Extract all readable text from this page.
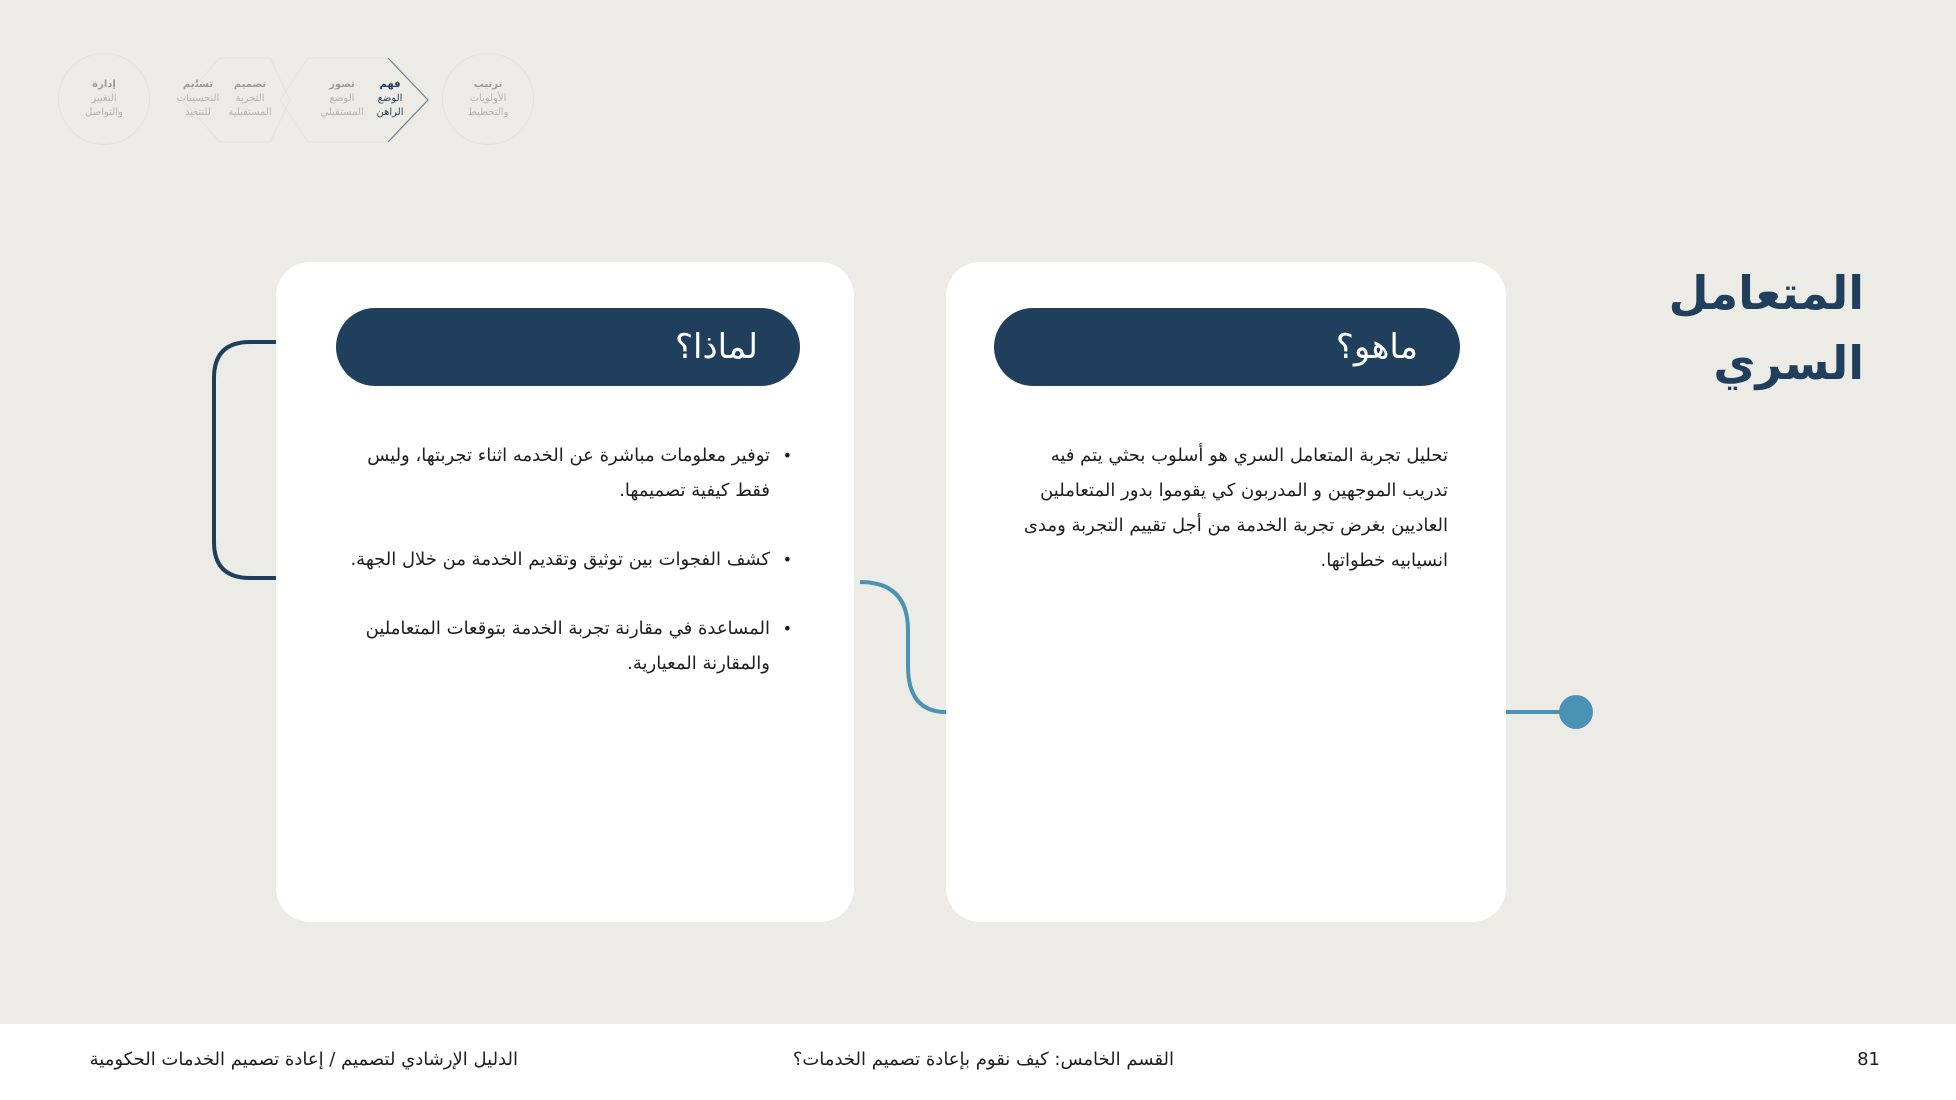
ترتيب
الأولويات والتخطيط
فهم
الوضع الراهن
تصور
الوضع المستقبلي
تصميم
التجربة المستقبلية
تسليم
التحسينات للتنفيذ
إدارة
التغيير والتواصل
المتعامل
السري
ماهو؟
تحليل تجربة المتعامل السري هو أسلوب بحثي يتم فيه تدريب الموجهين و المدربون كي يقوموا بدور المتعاملين العاديين بغرض تجربة الخدمة من أجل تقييم التجربة ومدى انسيابيه خطواتها.
لماذا؟
• توفير معلومات مباشرة عن الخدمه اثناء تجربتها، وليس فقط كيفية تصميمها.
• كشف الفجوات بين توثيق وتقديم الخدمة من خلال الجهة.
• المساعدة في مقارنة تجربة الخدمة بتوقعات المتعاملين والمقارنة المعيارية.
81
القسم الخامس: كيف نقوم بإعادة تصميم الخدمات؟
الدليل الإرشادي لتصميم / إعادة تصميم الخدمات الحكومية
